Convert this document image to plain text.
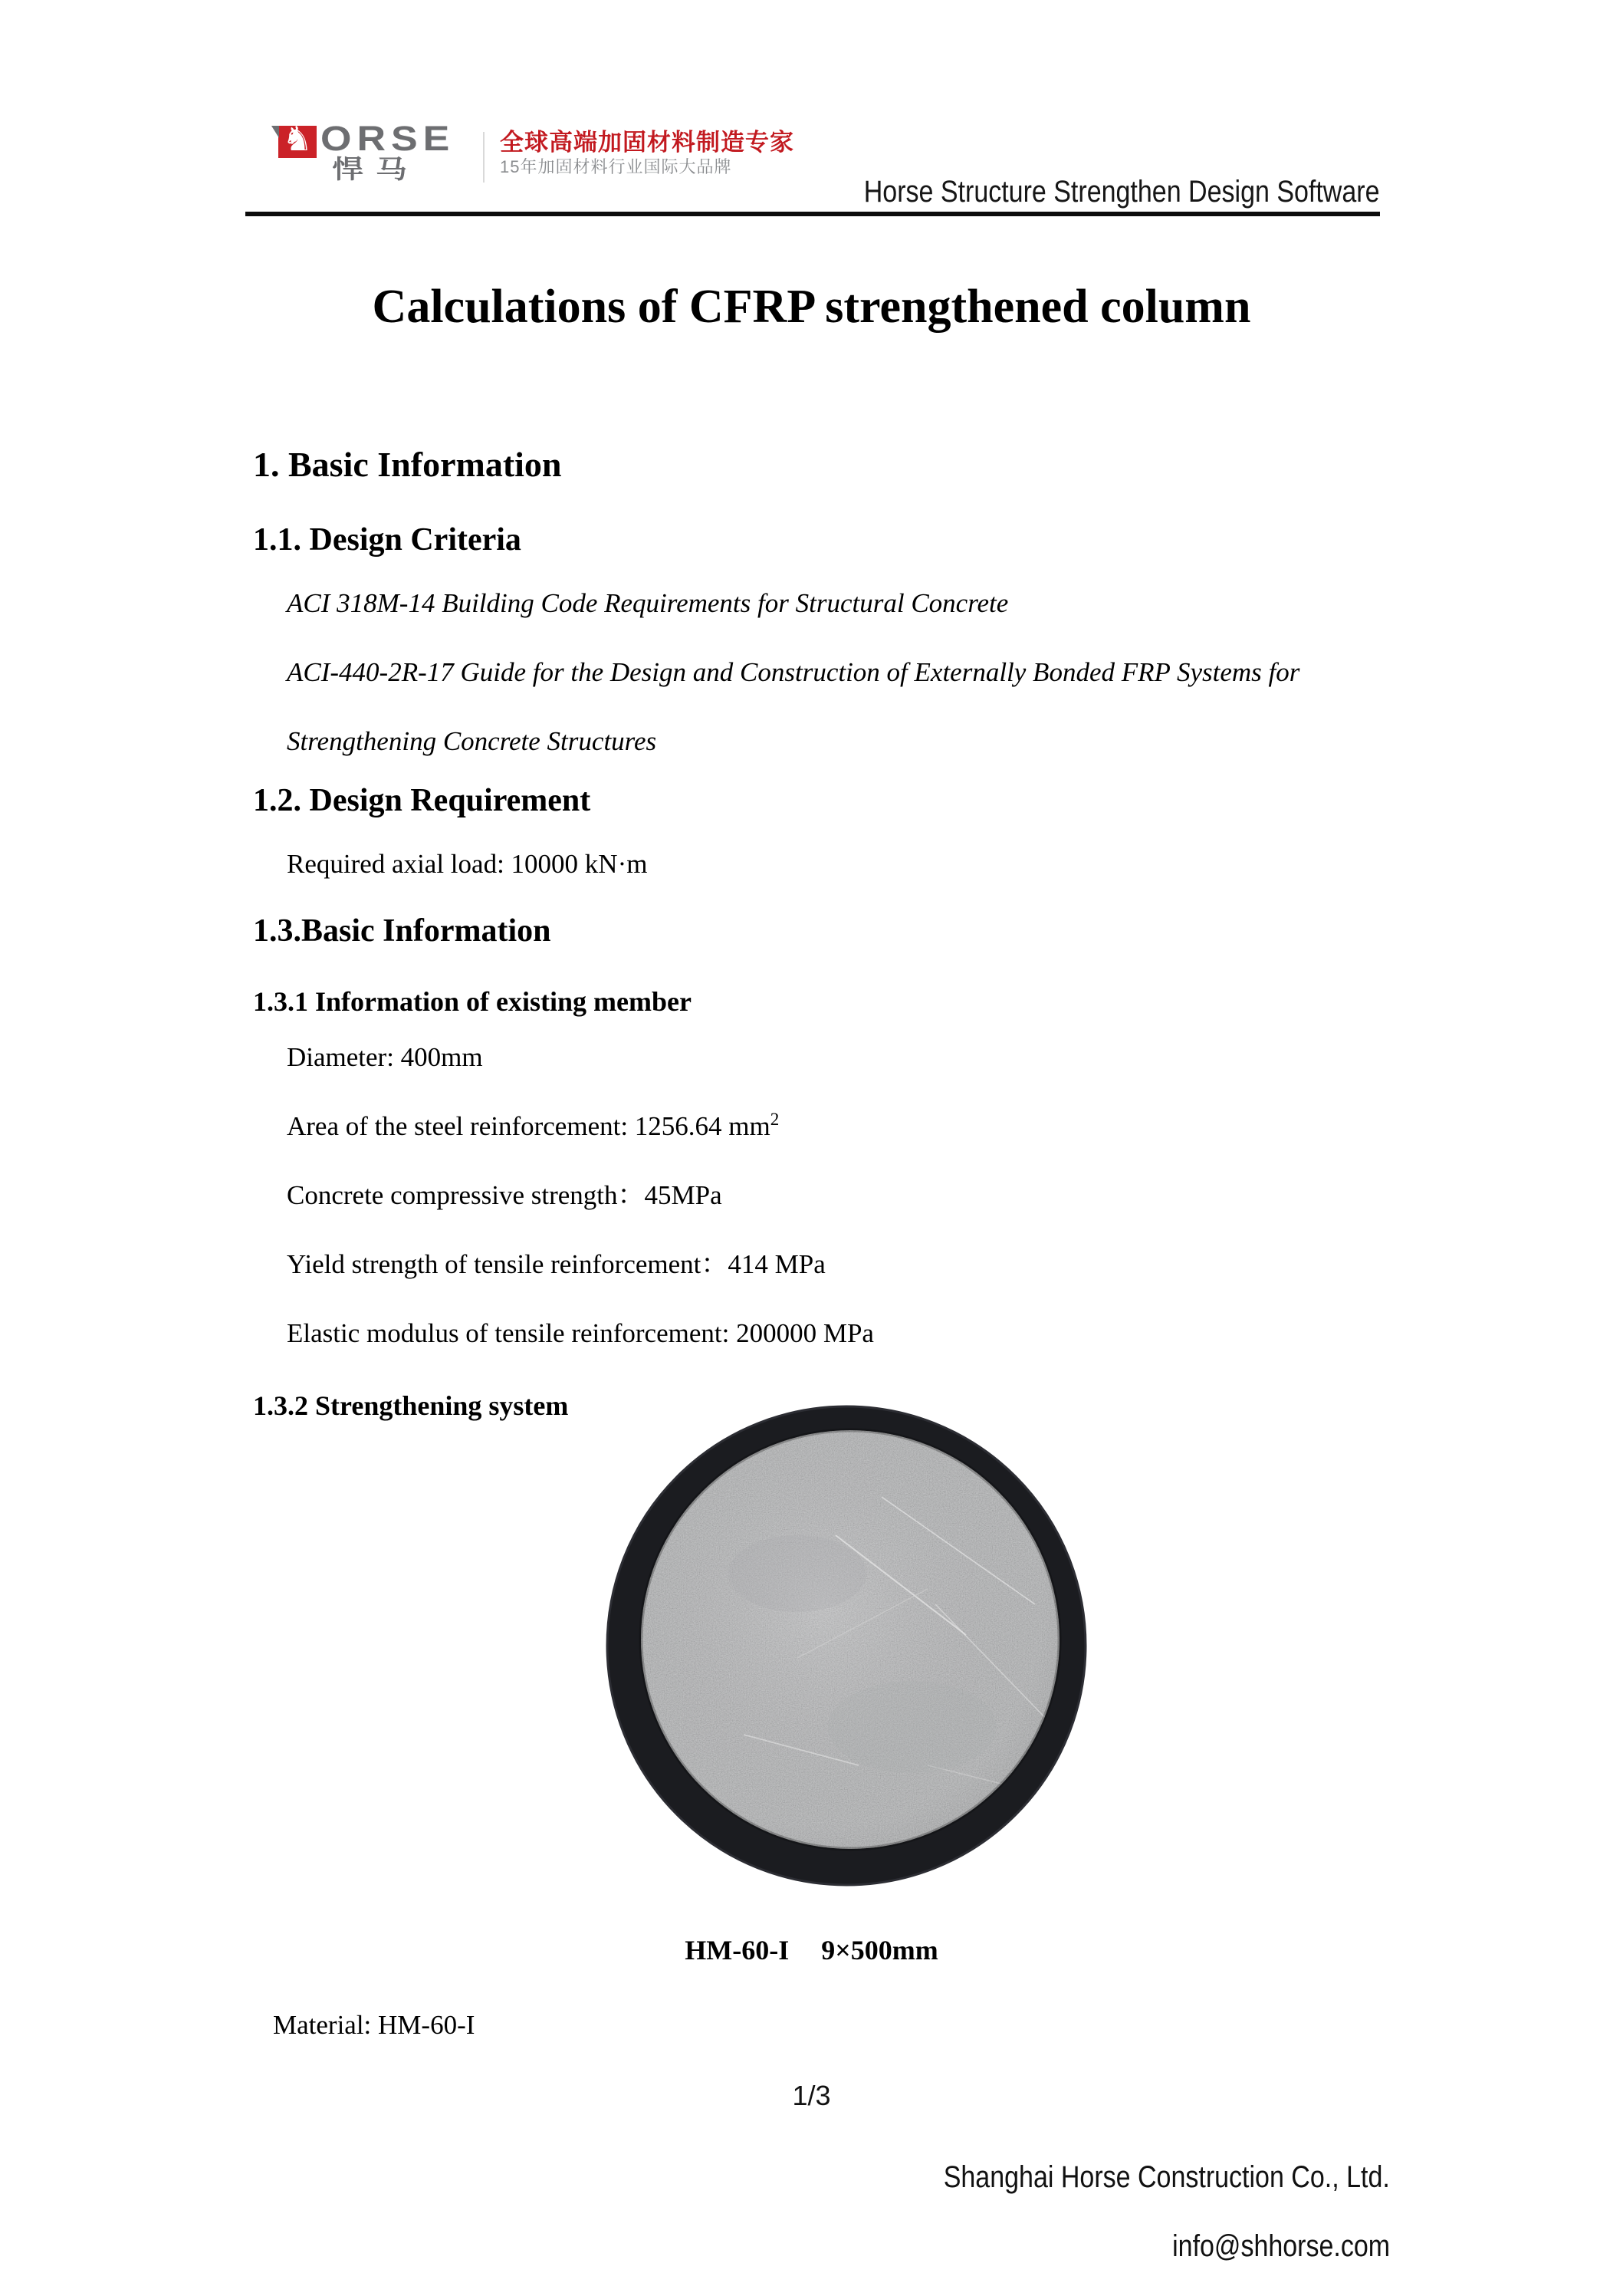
♞ ORSE
悍马
全球高端加固材料制造专家
15年加固材料行业国际大品牌
Horse Structure Strengthen Design Software
Calculations of CFRP strengthened column
1. Basic Information
1.1. Design Criteria
ACI 318M-14 Building Code Requirements for Structural Concrete
ACI-440-2R-17 Guide for the Design and Construction of Externally Bonded FRP Systems for
Strengthening Concrete Structures
1.2. Design Requirement
Required axial load: 10000 kN·m
1.3.Basic Information
1.3.1 Information of existing member
Diameter: 400mm
Area of the steel reinforcement: 1256.64 $mm^2$
Concrete compressive strength：45MPa
Yield strength of tensile reinforcement：414 MPa
Elastic modulus of tensile reinforcement: 200000 MPa
1.3.2 Strengthening system
HM-60-I 9×500mm
Material: HM-60-I
1/3
Shanghai Horse Construction Co., Ltd.
info@shhorse.com
